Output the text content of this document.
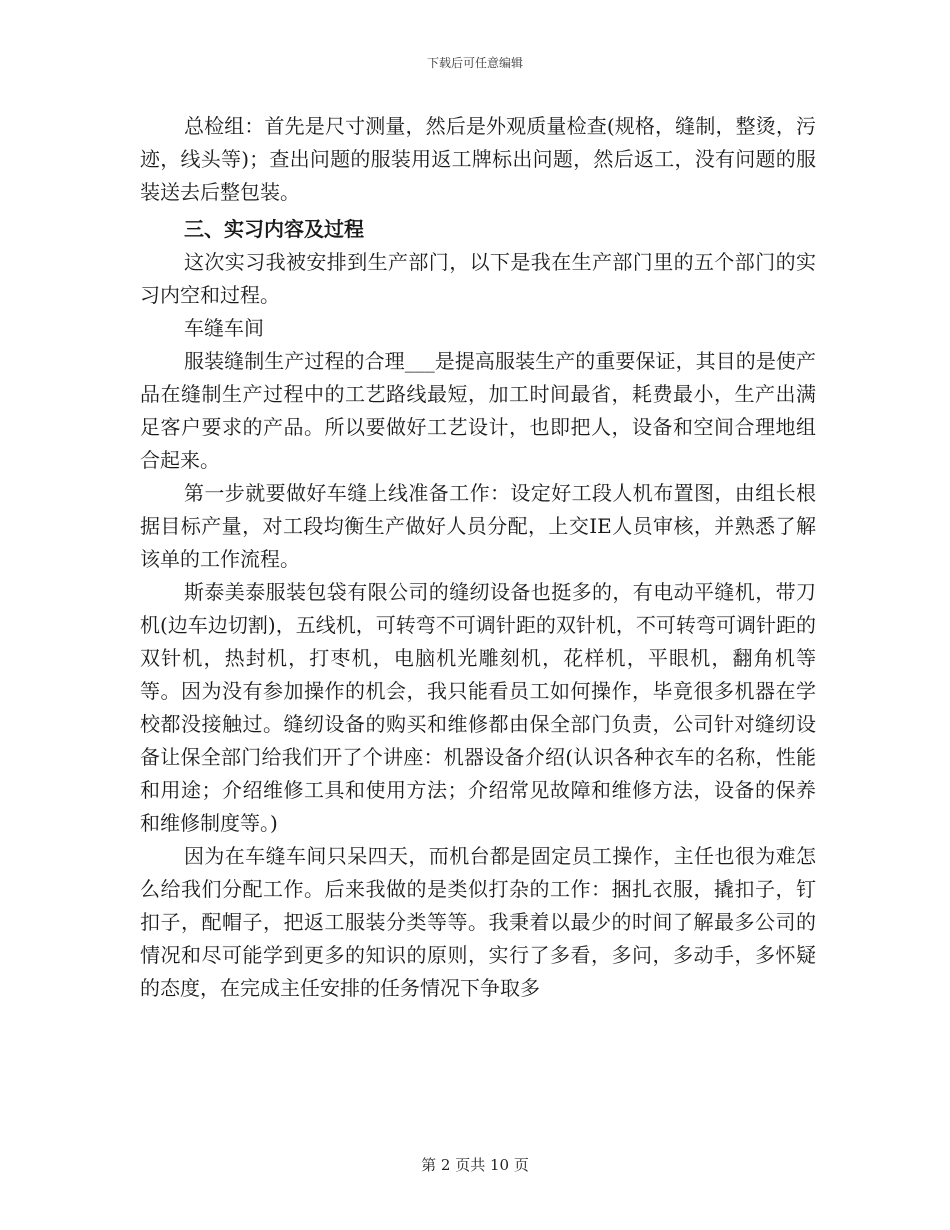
下载后可任意编辑

总检组：首先是尺寸测量，然后是外观质量检查(规格，缝制，整烫，污迹，线头等)；查出问题的服装用返工牌标出问题，然后返工，没有问题的服装送去后整包装。

三、实习内容及过程

这次实习我被安排到生产部门，以下是我在生产部门里的五个部门的实习内空和过程。

车缝车间

服装缝制生产过程的合理___是提高服装生产的重要保证，其目的是使产品在缝制生产过程中的工艺路线最短，加工时间最省，耗费最小，生产出满足客户要求的产品。所以要做好工艺设计，也即把人，设备和空间合理地组合起来。

第一步就要做好车缝上线准备工作：设定好工段人机布置图，由组长根据目标产量，对工段均衡生产做好人员分配，上交IE人员审核，并熟悉了解该单的工作流程。

斯泰美泰服装包袋有限公司的缝纫设备也挺多的，有电动平缝机，带刀机(边车边切割)，五线机，可转弯不可调针距的双针机，不可转弯可调针距的双针机，热封机，打枣机，电脑机光雕刻机，花样机，平眼机，翻角机等等。因为没有参加操作的机会，我只能看员工如何操作，毕竟很多机器在学校都没接触过。缝纫设备的购买和维修都由保全部门负责，公司针对缝纫设备让保全部门给我们开了个讲座：机器设备介绍(认识各种衣车的名称，性能和用途；介绍维修工具和使用方法；介绍常见故障和维修方法，设备的保养和维修制度等。)

因为在车缝车间只呆四天，而机台都是固定员工操作，主任也很为难怎么给我们分配工作。后来我做的是类似打杂的工作：捆扎衣服，撬扣子，钉扣子，配帽子，把返工服装分类等等。我秉着以最少的时间了解最多公司的情况和尽可能学到更多的知识的原则，实行了多看，多问，多动手，多怀疑的态度，在完成主任安排的任务情况下争取多

第 2 页共 10 页
